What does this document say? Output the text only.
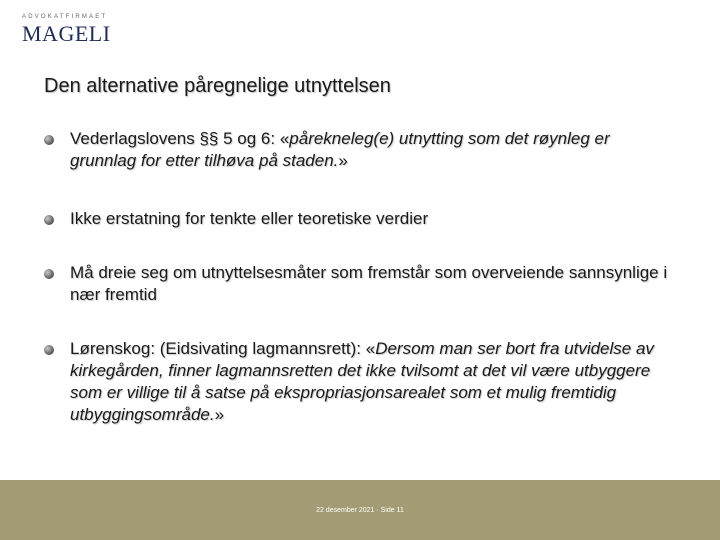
ADVOKATFIRMAET
MAGELI
Den alternative påregnelige utnyttelsen
Vederlagslovens §§ 5 og 6: «pårekneleg(e) utnytting som det røynleg er grunnlag for etter tilhøva på staden.»
Ikke erstatning for tenkte eller teoretiske verdier
Må dreie seg om utnyttelsesmåter som fremstår som overveiende sannsynlige i nær fremtid
Lørenskog: (Eidsivating lagmannsrett): «Dersom man ser bort fra utvidelse av kirkegården, finner lagmannsretten det ikke tvilsomt at det vil være utbyggere som er villige til å satse på ekspropriasjonsarealet som et mulig fremtidig utbyggingsområde.»
22 desember 2021 · Side 11
